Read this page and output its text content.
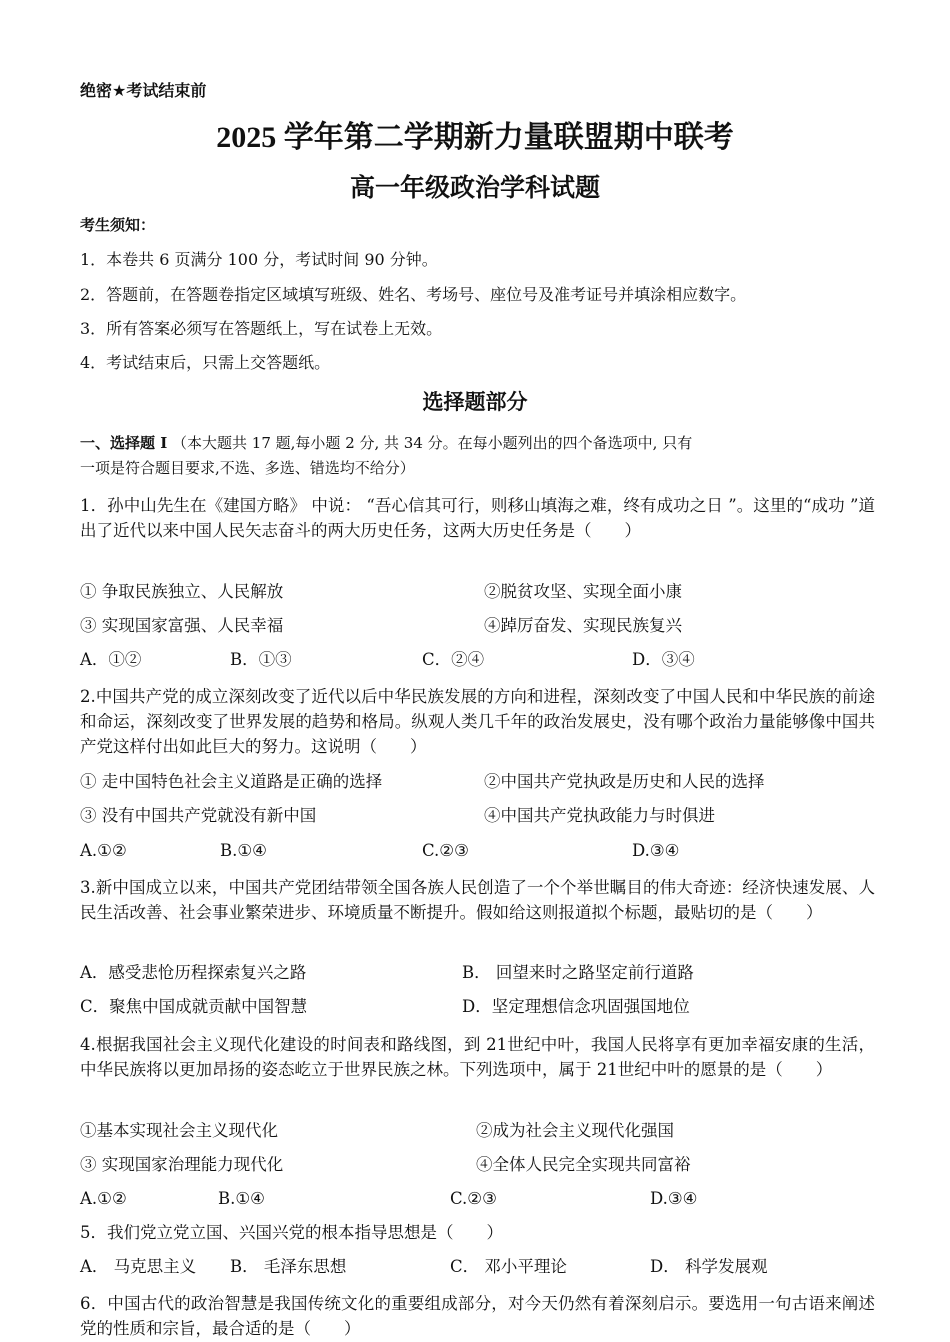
绝密★考试结束前
2025 学年第二学期新力量联盟期中联考
高一年级政治学科试题
考生须知：
1．本卷共 6 页满分 100 分，考试时间 90 分钟。
2．答题前，在答题卷指定区域填写班级、姓名、考场号、座位号及准考证号并填涂相应数字。
3．所有答案必须写在答题纸上，写在试卷上无效。
4．考试结束后，只需上交答题纸。
选择题部分
一、选择题 Ⅰ （本大题共 17 题,每小题 2 分, 共 34 分。在每小题列出的四个备选项中, 只有
一项是符合题目要求,不选、多选、错选均不给分）
1．孙中山先生在《建国方略》 中说： “吾心信其可行，则移山填海之难，终有成功之日 ”。这里的“成功 ”道出了近代以来中国人民矢志奋斗的两大历史任务，这两大历史任务是（　　）
① 争取民族独立、人民解放	②脱贫攻坚、实现全面小康
③ 实现国家富强、人民幸福	④踔厉奋发、实现民族复兴
A．①②	B．①③	C．②④	D．③④
2.中国共产党的成立深刻改变了近代以后中华民族发展的方向和进程，深刻改变了中国人民和中华民族的前途和命运，深刻改变了世界发展的趋势和格局。纵观人类几千年的政治发展史，没有哪个政治力量能够像中国共产党这样付出如此巨大的努力。这说明（　　）
① 走中国特色社会主义道路是正确的选择	②中国共产党执政是历史和人民的选择
③ 没有中国共产党就没有新中国	④中国共产党执政能力与时俱进
A.①②	B.①④	C.②③	D.③④
3.新中国成立以来，中国共产党团结带领全国各族人民创造了一个个举世瞩目的伟大奇迹：经济快速发展、人民生活改善、社会事业繁荣进步、环境质量不断提升。假如给这则报道拟个标题，最贴切的是（　　）
A．感受悲怆历程探索复兴之路	B． 回望来时之路坚定前行道路
C．聚焦中国成就贡献中国智慧	D．坚定理想信念巩固强国地位
4.根据我国社会主义现代化建设的时间表和路线图，到 21世纪中叶，我国人民将享有更加幸福安康的生活，中华民族将以更加昂扬的姿态屹立于世界民族之林。下列选项中，属于 21世纪中叶的愿景的是（　　）
①基本实现社会主义现代化	②成为社会主义现代化强国
③ 实现国家治理能力现代化	④全体人民完全实现共同富裕
A.①②	B.①④	C.②③	D.③④
5．我们党立党立国、兴国兴党的根本指导思想是（　　）
A． 马克思主义 B． 毛泽东思想	C． 邓小平理论	D． 科学发展观
6．中国古代的政治智慧是我国传统文化的重要组成部分，对今天仍然有着深刻启示。要选用一句古语来阐述党的性质和宗旨，最合适的是（　　）
